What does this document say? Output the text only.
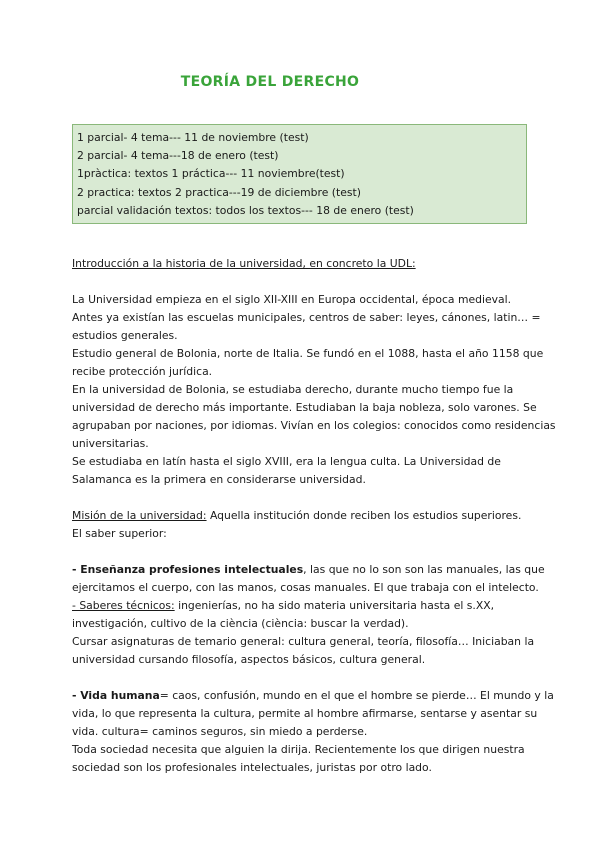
TEORÍA DEL DERECHO
1 parcial- 4 tema--- 11 de noviembre (test)
2 parcial- 4 tema---18 de enero (test)
1pràctica: textos 1 práctica--- 11 noviembre(test)
2 practica: textos 2 practica---19 de diciembre (test)
parcial validación textos: todos los textos--- 18 de enero (test)
Introducción a la historia de la universidad, en concreto la UDL:
La Universidad empieza en el siglo XII-XIII en Europa occidental, época medieval.
Antes ya existían las escuelas municipales, centros de saber: leyes, cánones, latin… =
estudios generales.
Estudio general de Bolonia, norte de Italia. Se fundó en el 1088, hasta el año 1158 que
recibe protección jurídica.
En la universidad de Bolonia, se estudiaba derecho, durante mucho tiempo fue la
universidad de derecho más importante. Estudiaban la baja nobleza, solo varones. Se
agrupaban por naciones, por idiomas. Vivían en los colegios: conocidos como residencias
universitarias.
Se estudiaba en latín hasta el siglo XVIII, era la lengua culta. La Universidad de
Salamanca es la primera en considerarse universidad.
Misión de la universidad: Aquella institución donde reciben los estudios superiores.
El saber superior:
- Enseñanza profesiones intelectuales, las que no lo son son las manuales, las que
ejercitamos el cuerpo, con las manos, cosas manuales. El que trabaja con el intelecto.
- Saberes técnicos: ingenierías, no ha sido materia universitaria hasta el s.XX,
investigación, cultivo de la ciència (ciència: buscar la verdad).
Cursar asignaturas de temario general: cultura general, teoría, filosofía… Iniciaban la
universidad cursando filosofía, aspectos básicos, cultura general.
- Vida humana= caos, confusión, mundo en el que el hombre se pierde… El mundo y la
vida, lo que representa la cultura, permite al hombre afirmarse, sentarse y asentar su
vida. cultura= caminos seguros, sin miedo a perderse.
Toda sociedad necesita que alguien la dirija. Recientemente los que dirigen nuestra
sociedad son los profesionales intelectuales, juristas por otro lado.
